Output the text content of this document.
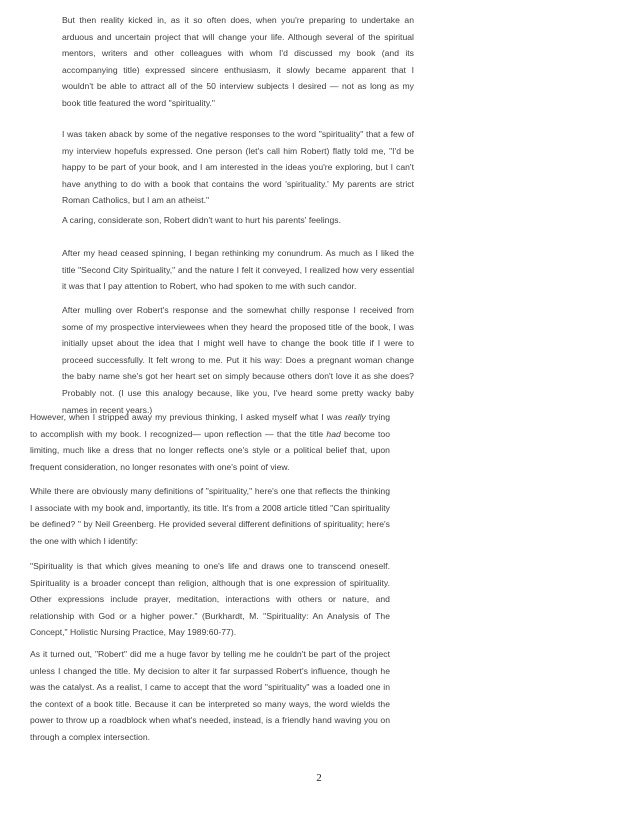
But then reality kicked in, as it so often does, when you're preparing to undertake an arduous and uncertain project that will change your life. Although several of the spiritual mentors, writers and other colleagues with whom I'd discussed my book (and its accompanying title) expressed sincere enthusiasm, it slowly became apparent that I wouldn't be able to attract all of the 50 interview subjects I desired — not as long as my book title featured the word "spirituality."

I was taken aback by some of the negative responses to the word "spirituality" that a few of my interview hopefuls expressed. One person (let's call him Robert) flatly told me, "I'd be happy to be part of your book, and I am interested in the ideas you're exploring, but I can't have anything to do with a book that contains the word 'spirituality.' My parents are strict Roman Catholics, but I am an atheist."

A caring, considerate son, Robert didn't want to hurt his parents' feelings.

After my head ceased spinning, I began rethinking my conundrum. As much as I liked the title "Second City Spirituality," and the nature I felt it conveyed, I realized how very essential it was that I pay attention to Robert, who had spoken to me with such candor.

After mulling over Robert's response and the somewhat chilly response I received from some of my prospective interviewees when they heard the proposed title of the book, I was initially upset about the idea that I might well have to change the book title if I were to proceed successfully. It felt wrong to me. Put it his way: Does a pregnant woman change the baby name she's got her heart set on simply because others don't love it as she does? Probably not. (I use this analogy because, like you, I've heard some pretty wacky baby names in recent years.)

However, when I stripped away my previous thinking, I asked myself what I was really trying to accomplish with my book. I recognized— upon reflection — that the title had become too limiting, much like a dress that no longer reflects one's style or a political belief that, upon frequent consideration, no longer resonates with one's point of view.

While there are obviously many definitions of "spirituality," here's one that reflects the thinking I associate with my book and, importantly, its title. It's from a 2008 article titled "Can spirituality be defined? " by Neil Greenberg. He provided several different definitions of spirituality; here's the one with which I identify:

"Spirituality is that which gives meaning to one's life and draws one to transcend oneself. Spirituality is a broader concept than religion, although that is one expression of spirituality. Other expressions include prayer, meditation, interactions with others or nature, and relationship with God or a higher power." (Burkhardt, M. "Spirituality: An Analysis of The Concept," Holistic Nursing Practice, May 1989:60-77).

As it turned out, "Robert" did me a huge favor by telling me he couldn't be part of the project unless I changed the title. My decision to alter it far surpassed Robert's influence, though he was the catalyst. As a realist, I came to accept that the word "spirituality" was a loaded one in the context of a book title. Because it can be interpreted so many ways, the word wields the power to throw up a roadblock when what's needed, instead, is a friendly hand waving you on through a complex intersection.

2
